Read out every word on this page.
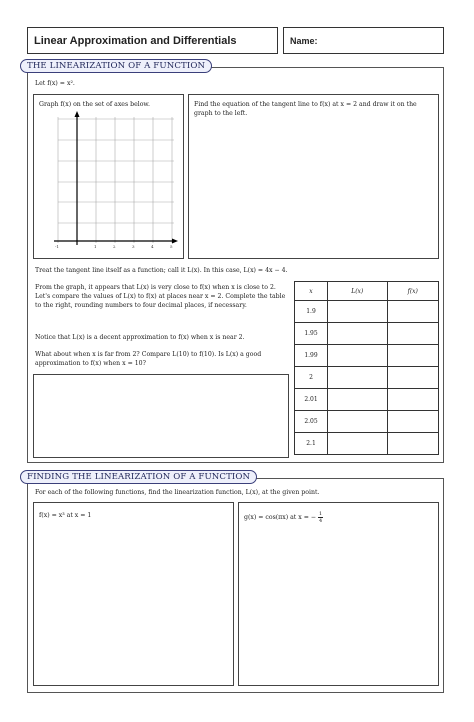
Linear Approximation and Differentials	Name:
THE LINEARIZATION OF A FUNCTION
Let f(x) = x².
Graph f(x) on the set of axes below.
-1	1	2	3	4	5
Find the equation of the tangent line to f(x) at x = 2 and draw it on the graph to the left.
Treat the tangent line itself as a function; call it L(x). In this case, L(x) = 4x − 4.
From the graph, it appears that L(x) is very close to f(x) when x is close to 2. Let's compare the values of L(x) to f(x) at places near x = 2. Complete the table to the right, rounding numbers to four decimal places, if necessary.
Notice that L(x) is a decent approximation to f(x) when x is near 2.
What about when x is far from 2? Compare L(10) to f(10). Is L(x) a good approximation to f(x) when x = 10?
x	L(x)	f(x)
1.9		
1.95		
1.99		
2		
2.01		
2.05		
2.1		
FINDING THE LINEARIZATION OF A FUNCTION
For each of the following functions, find the linearization function, L(x), at the given point.
f(x) = x³ at x = 1	g(x) = cos(πx) at x = − $\frac{1}{4}$
